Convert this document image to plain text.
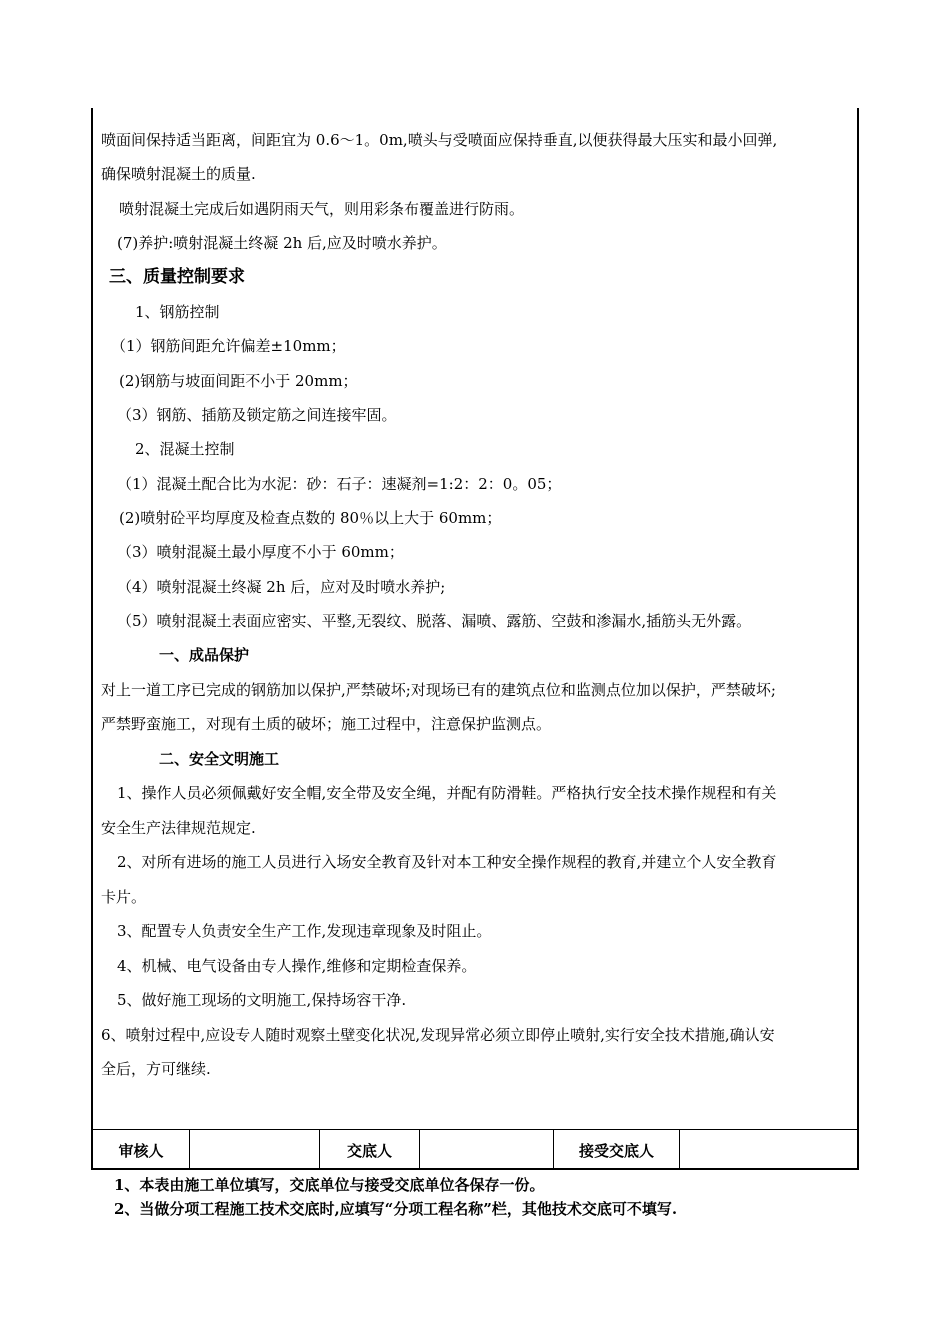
喷面间保持适当距离，间距宜为 0.6～1。0m,喷头与受喷面应保持垂直,以便获得最大压实和最小回弹,
确保喷射混凝土的质量.
喷射混凝土完成后如遇阴雨天气，则用彩条布覆盖进行防雨。
(7)养护:喷射混凝土终凝 2h 后,应及时喷水养护。
三、质量控制要求
1、钢筋控制
（1）钢筋间距允许偏差±10mm；
(2)钢筋与坡面间距不小于 20mm；
（3）钢筋、插筋及锁定筋之间连接牢固。
2、混凝土控制
（1）混凝土配合比为水泥：砂：石子：速凝剂=1:2：2：0。05；
(2)喷射砼平均厚度及检查点数的 80％以上大于 60mm；
（3）喷射混凝土最小厚度不小于 60mm；
（4）喷射混凝土终凝 2h 后，应对及时喷水养护;
（5）喷射混凝土表面应密实、平整,无裂纹、脱落、漏喷、露筋、空鼓和渗漏水,插筋头无外露。
一、成品保护
对上一道工序已完成的钢筋加以保护,严禁破坏;对现场已有的建筑点位和监测点位加以保护，严禁破坏;
严禁野蛮施工，对现有土质的破坏；施工过程中，注意保护监测点。
二、安全文明施工
1、操作人员必须佩戴好安全帽,安全带及安全绳，并配有防滑鞋。严格执行安全技术操作规程和有关
安全生产法律规范规定.
2、对所有进场的施工人员进行入场安全教育及针对本工种安全操作规程的教育,并建立个人安全教育
卡片。
3、配置专人负责安全生产工作,发现违章现象及时阻止。
4、机械、电气设备由专人操作,维修和定期检查保养。
5、做好施工现场的文明施工,保持场容干净.
6、喷射过程中,应设专人随时观察土壁变化状况,发现异常必须立即停止喷射,实行安全技术措施,确认安
全后，方可继续.
审核人	交底人	接受交底人
1、本表由施工单位填写，交底单位与接受交底单位各保存一份。
2、当做分项工程施工技术交底时,应填写“分项工程名称”栏，其他技术交底可不填写.
